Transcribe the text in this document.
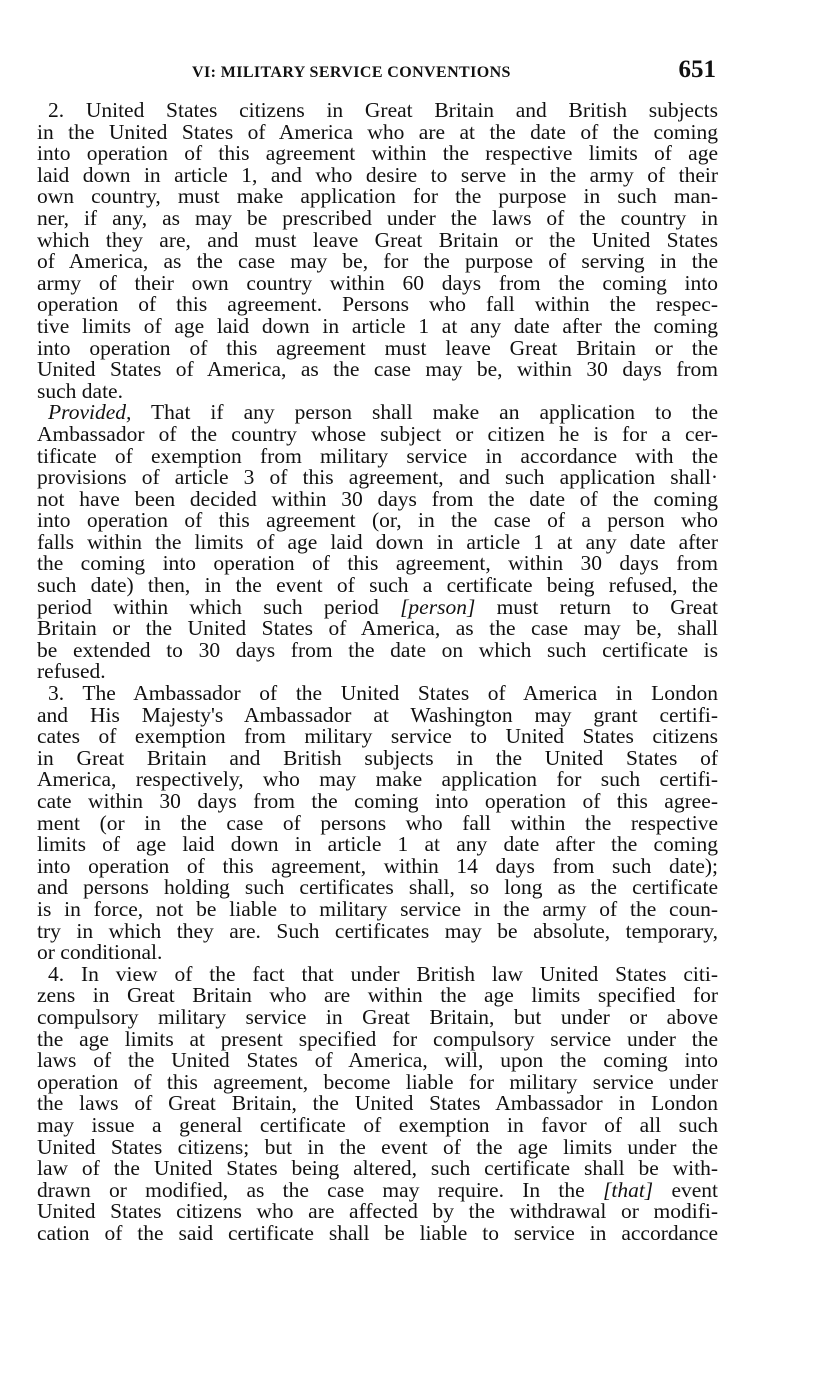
VI: MILITARY SERVICE CONVENTIONS	651
2. United States citizens in Great Britain and British subjects
in the United States of America who are at the date of the coming
into operation of this agreement within the respective limits of age
laid down in article 1, and who desire to serve in the army of their
own country, must make application for the purpose in such man-
ner, if any, as may be prescribed under the laws of the country in
which they are, and must leave Great Britain or the United States
of America, as the case may be, for the purpose of serving in the
army of their own country within 60 days from the coming into
operation of this agreement. Persons who fall within the respec-
tive limits of age laid down in article 1 at any date after the coming
into operation of this agreement must leave Great Britain or the
United States of America, as the case may be, within 30 days from
such date.
Provided, That if any person shall make an application to the
Ambassador of the country whose subject or citizen he is for a cer-
tificate of exemption from military service in accordance with the
provisions of article 3 of this agreement, and such application shall·
not have been decided within 30 days from the date of the coming
into operation of this agreement (or, in the case of a person who
falls within the limits of age laid down in article 1 at any date after
the coming into operation of this agreement, within 30 days from
such date) then, in the event of such a certificate being refused, the
period within which such period [person] must return to Great
Britain or the United States of America, as the case may be, shall
be extended to 30 days from the date on which such certificate is
refused.
3. The Ambassador of the United States of America in London
and His Majesty's Ambassador at Washington may grant certifi-
cates of exemption from military service to United States citizens
in Great Britain and British subjects in the United States of
America, respectively, who may make application for such certifi-
cate within 30 days from the coming into operation of this agree-
ment (or in the case of persons who fall within the respective
limits of age laid down in article 1 at any date after the coming
into operation of this agreement, within 14 days from such date);
and persons holding such certificates shall, so long as the certificate
is in force, not be liable to military service in the army of the coun-
try in which they are. Such certificates may be absolute, temporary,
or conditional.
4. In view of the fact that under British law United States citi-
zens in Great Britain who are within the age limits specified for
compulsory military service in Great Britain, but under or above
the age limits at present specified for compulsory service under the
laws of the United States of America, will, upon the coming into
operation of this agreement, become liable for military service under
the laws of Great Britain, the United States Ambassador in London
may issue a general certificate of exemption in favor of all such
United States citizens; but in the event of the age limits under the
law of the United States being altered, such certificate shall be with-
drawn or modified, as the case may require. In the [that] event
United States citizens who are affected by the withdrawal or modifi-
cation of the said certificate shall be liable to service in accordance
